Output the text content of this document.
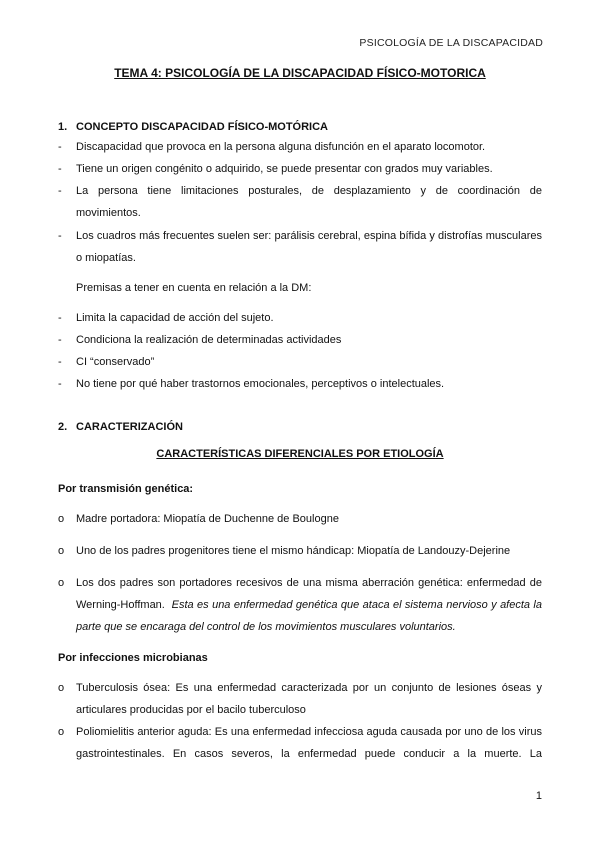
PSICOLOGÍA DE LA DISCAPACIDAD
TEMA 4: PSICOLOGÍA DE LA DISCAPACIDAD FÍSICO-MOTORICA
1. CONCEPTO DISCAPACIDAD FÍSICO-MOTÓRICA
- Discapacidad que provoca en la persona alguna disfunción en el aparato locomotor.
- Tiene un origen congénito o adquirido, se puede presentar con grados muy variables.
- La persona tiene limitaciones posturales, de desplazamiento y de coordinación de movimientos.
- Los cuadros más frecuentes suelen ser: parálisis cerebral, espina bífida y distrofías musculares o miopatías.
Premisas a tener en cuenta en relación a la DM:
- Limita la capacidad de acción del sujeto.
- Condiciona la realización de determinadas actividades
- CI “conservado”
- No tiene por qué haber trastornos emocionales, perceptivos o intelectuales.
2. CARACTERIZACIÓN
CARACTERÍSTICAS DIFERENCIALES POR ETIOLOGÍA
Por transmisión genética:
o Madre portadora: Miopatía de Duchenne de Boulogne
o Uno de los padres progenitores tiene el mismo hándicap: Miopatía de Landouzy-Dejerine
o Los dos padres son portadores recesivos de una misma aberración genética: enfermedad de
Werning-Hoffman. Esta es una enfermedad genética que ataca el sistema nervioso y afecta la
parte que se encaraga del control de los movimientos musculares voluntarios.
Por infecciones microbianas
o Tuberculosis ósea: Es una enfermedad caracterizada por un conjunto de lesiones óseas y articulares producidas por el bacilo tuberculoso
o Poliomielitis anterior aguda: Es una enfermedad infecciosa aguda causada por uno de los virus gastrointestinales. En casos severos, la enfermedad puede conducir a la muerte. La
1
